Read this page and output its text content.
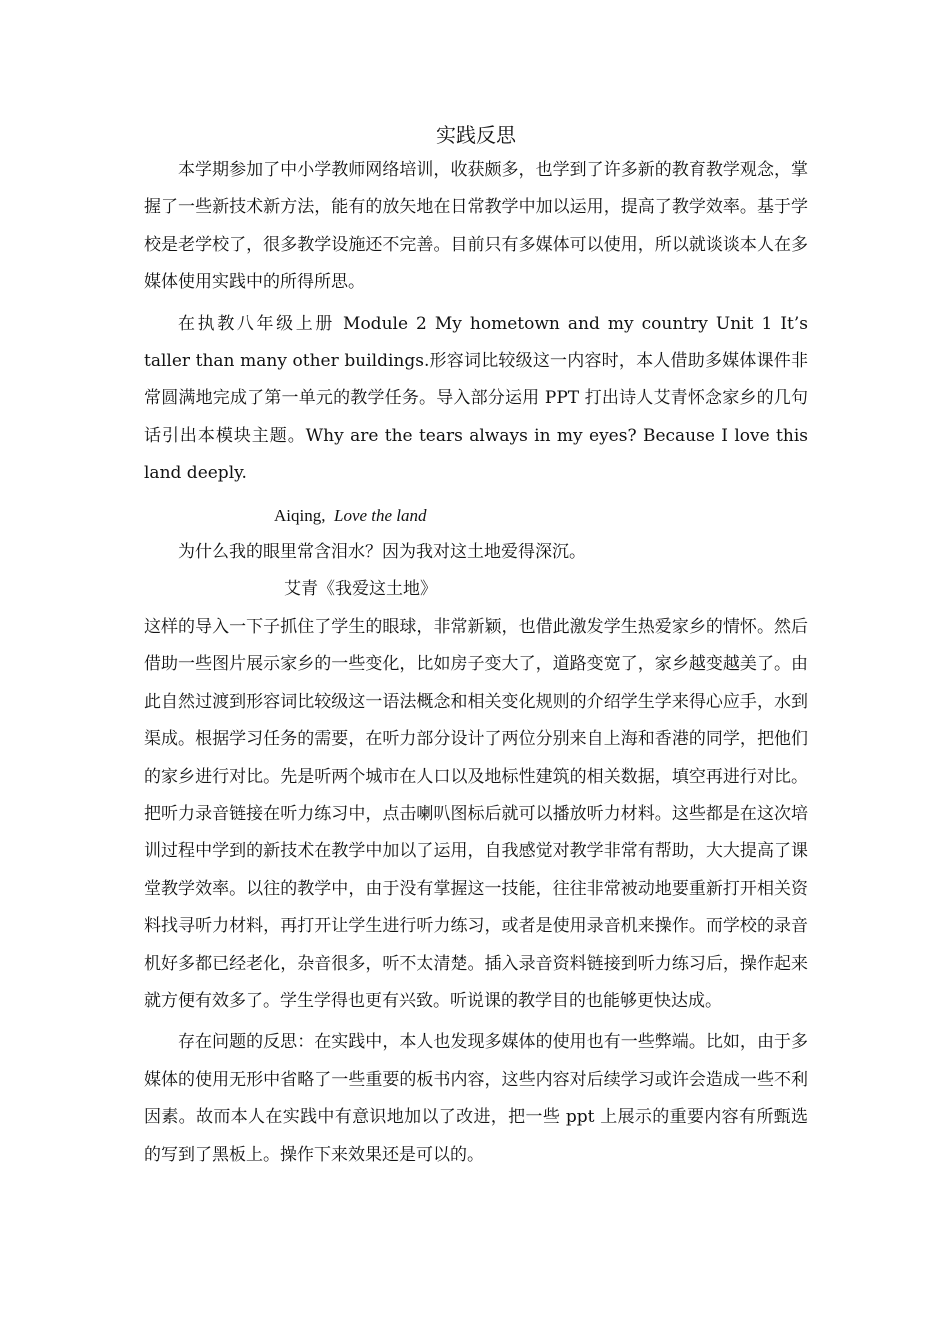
实践反思

本学期参加了中小学教师网络培训，收获颇多，也学到了许多新的教育教学观念，掌握了一些新技术新方法，能有的放矢地在日常教学中加以运用，提高了教学效率。基于学校是老学校了，很多教学设施还不完善。目前只有多媒体可以使用，所以就谈谈本人在多媒体使用实践中的所得所思。

在执教八年级上册 Module 2 My hometown and my country Unit 1 It’s taller than many other buildings.形容词比较级这一内容时，本人借助多媒体课件非常圆满地完成了第一单元的教学任务。导入部分运用 PPT 打出诗人艾青怀念家乡的几句话引出本模块主题。Why are the tears always in my eyes? Because I love this land deeply.

Aiqing, Love the land

为什么我的眼里常含泪水？因为我对这土地爱得深沉。

艾青《我爱这土地》

这样的导入一下子抓住了学生的眼球，非常新颖，也借此激发学生热爱家乡的情怀。然后借助一些图片展示家乡的一些变化，比如房子变大了，道路变宽了，家乡越变越美了。由此自然过渡到形容词比较级这一语法概念和相关变化规则的介绍学生学来得心应手，水到渠成。根据学习任务的需要，在听力部分设计了两位分别来自上海和香港的同学，把他们的家乡进行对比。先是听两个城市在人口以及地标性建筑的相关数据，填空再进行对比。把听力录音链接在听力练习中，点击喇叭图标后就可以播放听力材料。这些都是在这次培训过程中学到的新技术在教学中加以了运用，自我感觉对教学非常有帮助，大大提高了课堂教学效率。以往的教学中，由于没有掌握这一技能，往往非常被动地要重新打开相关资料找寻听力材料，再打开让学生进行听力练习，或者是使用录音机来操作。而学校的录音机好多都已经老化，杂音很多，听不太清楚。插入录音资料链接到听力练习后，操作起来就方便有效多了。学生学得也更有兴致。听说课的教学目的也能够更快达成。

存在问题的反思：在实践中，本人也发现多媒体的使用也有一些弊端。比如，由于多媒体的使用无形中省略了一些重要的板书内容，这些内容对后续学习或许会造成一些不利因素。故而本人在实践中有意识地加以了改进，把一些 ppt 上展示的重要内容有所甄选的写到了黑板上。操作下来效果还是可以的。
